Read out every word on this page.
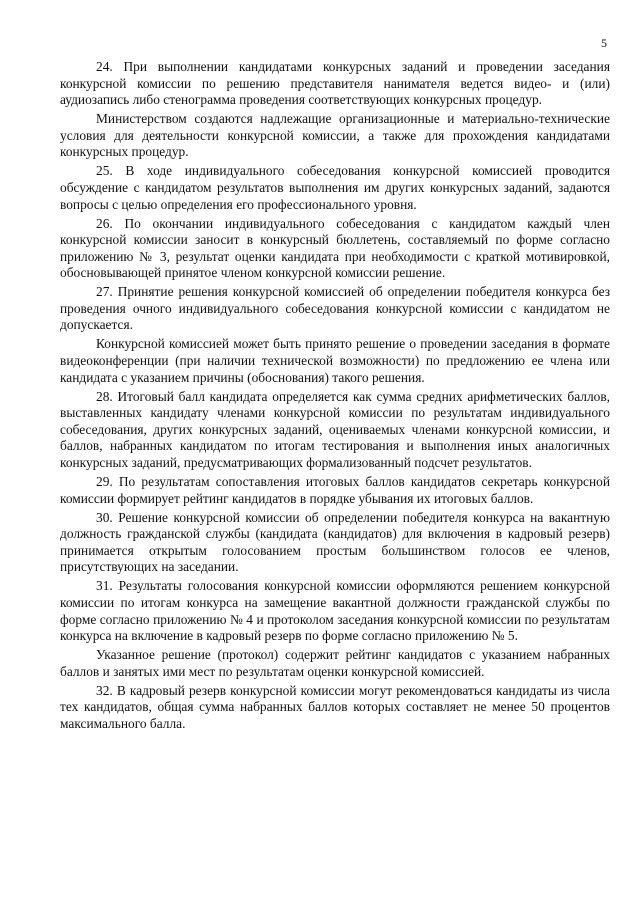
5

24. При выполнении кандидатами конкурсных заданий и проведении заседания конкурсной комиссии по решению представителя нанимателя ведется видео- и (или) аудиозапись либо стенограмма проведения соответствующих конкурсных процедур.

Министерством создаются надлежащие организационные и материально-технические условия для деятельности конкурсной комиссии, а также для прохождения кандидатами конкурсных процедур.

25. В ходе индивидуального собеседования конкурсной комиссией проводится обсуждение с кандидатом результатов выполнения им других конкурсных заданий, задаются вопросы с целью определения его профессионального уровня.

26. По окончании индивидуального собеседования с кандидатом каждый член конкурсной комиссии заносит в конкурсный бюллетень, составляемый по форме согласно приложению № 3, результат оценки кандидата при необходимости с краткой мотивировкой, обосновывающей принятое членом конкурсной комиссии решение.

27. Принятие решения конкурсной комиссией об определении победителя конкурса без проведения очного индивидуального собеседования конкурсной комиссии с кандидатом не допускается.

Конкурсной комиссией может быть принято решение о проведении заседания в формате видеоконференции (при наличии технической возможности) по предложению ее члена или кандидата с указанием причины (обоснования) такого решения.

28. Итоговый балл кандидата определяется как сумма средних арифметических баллов, выставленных кандидату членами конкурсной комиссии по результатам индивидуального собеседования, других конкурсных заданий, оцениваемых членами конкурсной комиссии, и баллов, набранных кандидатом по итогам тестирования и выполнения иных аналогичных конкурсных заданий, предусматривающих формализованный подсчет результатов.

29. По результатам сопоставления итоговых баллов кандидатов секретарь конкурсной комиссии формирует рейтинг кандидатов в порядке убывания их итоговых баллов.

30. Решение конкурсной комиссии об определении победителя конкурса на вакантную должность гражданской службы (кандидата (кандидатов) для включения в кадровый резерв) принимается открытым голосованием простым большинством голосов ее членов, присутствующих на заседании.

31. Результаты голосования конкурсной комиссии оформляются решением конкурсной комиссии по итогам конкурса на замещение вакантной должности гражданской службы по форме согласно приложению № 4 и протоколом заседания конкурсной комиссии по результатам конкурса на включение в кадровый резерв по форме согласно приложению № 5.

Указанное решение (протокол) содержит рейтинг кандидатов с указанием набранных баллов и занятых ими мест по результатам оценки конкурсной комиссией.

32. В кадровый резерв конкурсной комиссии могут рекомендоваться кандидаты из числа тех кандидатов, общая сумма набранных баллов которых составляет не менее 50 процентов максимального балла.
